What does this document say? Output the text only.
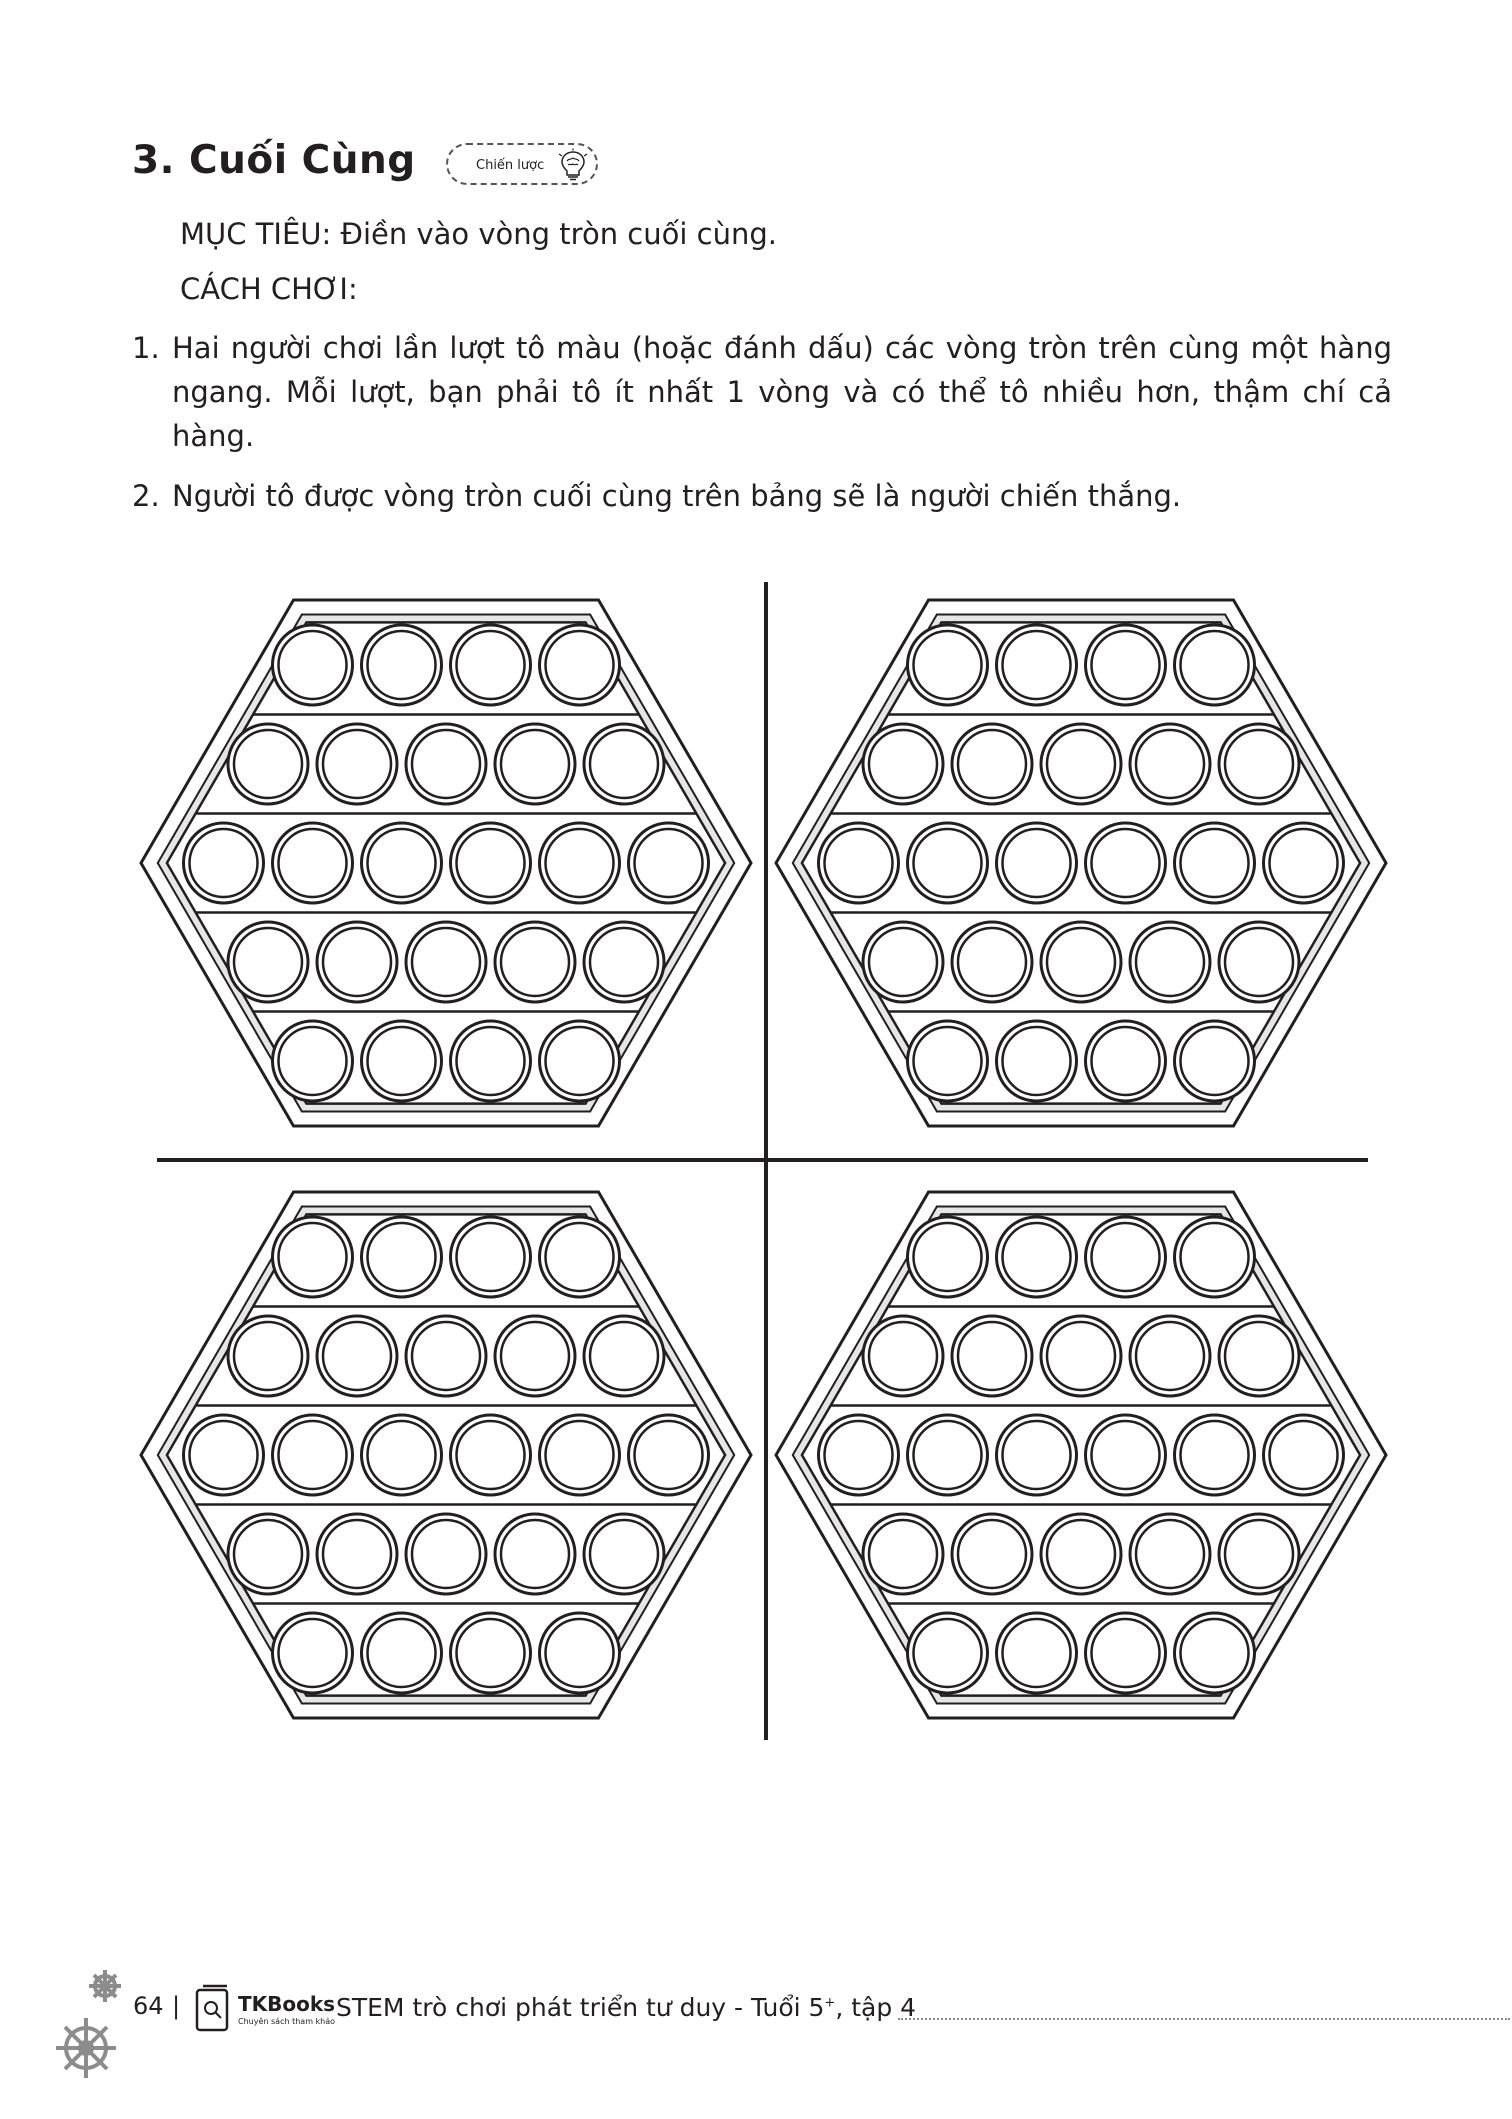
3. Cuối Cùng	Chiến lược
MỤC TIÊU: Điền vào vòng tròn cuối cùng.
CÁCH CHƠI:
1. Hai người chơi lần lượt tô màu (hoặc đánh dấu) các vòng tròn trên cùng một hàng ngang. Mỗi lượt, bạn phải tô ít nhất 1 vòng và có thể tô nhiều hơn, thậm chí cả hàng.
2. Người tô được vòng tròn cuối cùng trên bảng sẽ là người chiến thắng.
64 |	TKBooks
Chuyên sách tham khảo STEM trò chơi phát triển tư duy - Tuổi 5+, tập 4
